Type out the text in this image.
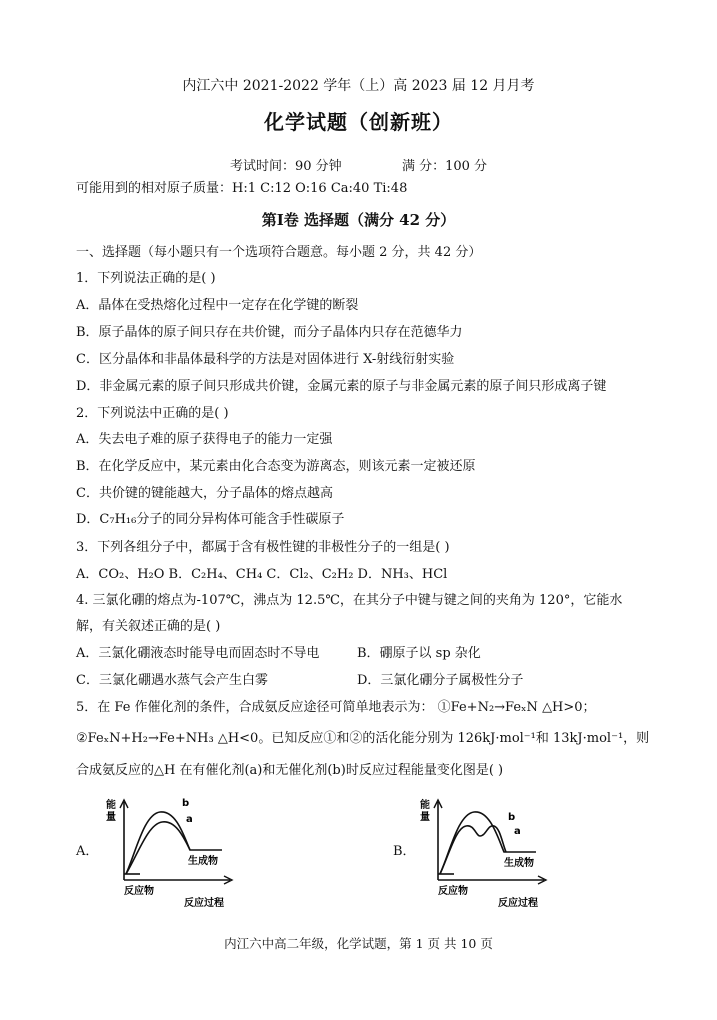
内江六中 2021-2022 学年（上）高 2023 届 12 月月考
化学试题（创新班）
考试时间：90 分钟	满 分：100 分
可能用到的相对原子质量：H:1 C:12 O:16 Ca:40 Ti:48
第Ⅰ卷 选择题（满分 42 分）
一、选择题（每小题只有一个选项符合题意。每小题 2 分，共 42 分）
1．下列说法正确的是( )
A．晶体在受热熔化过程中一定存在化学键的断裂
B．原子晶体的原子间只存在共价键，而分子晶体内只存在范德华力
C．区分晶体和非晶体最科学的方法是对固体进行 X-射线衍射实验
D．非金属元素的原子间只形成共价键，金属元素的原子与非金属元素的原子间只形成离子键
2．下列说法中正确的是( )
A．失去电子难的原子获得电子的能力一定强
B．在化学反应中，某元素由化合态变为游离态，则该元素一定被还原
C．共价键的键能越大，分子晶体的熔点越高
D．C₇H₁₆分子的同分异构体可能含手性碳原子
3．下列各组分子中，都属于含有极性键的非极性分子的一组是( )
A．CO₂、H₂O B．C₂H₄、CH₄ C．Cl₂、C₂H₂ D．NH₃、HCl
4. 三氯化硼的熔点为-107℃，沸点为 12.5℃，在其分子中键与键之间的夹角为 120°，它能水
解，有关叙述正确的是( )
A．三氯化硼液态时能导电而固态时不导电	B．硼原子以 sp 杂化
C．三氯化硼遇水蒸气会产生白雾	D．三氯化硼分子属极性分子
5．在 Fe 作催化剂的条件，合成氨反应途径可简单地表示为： ①Fe+N₂→FeₓN △H>0；
②FeₓN+H₂→Fe+NH₃ △H<0。已知反应①和②的活化能分别为 126kJ·mol⁻¹和 13kJ·mol⁻¹，则
合成氨反应的△H 在有催化剂(a)和无催化剂(b)时反应过程能量变化图是( )
A．
能
量
b
a
生成物
反应物
反应过程
B．
能
量	b
a
生成物
反应物
反应过程
内江六中高二年级，化学试题，第 1 页 共 10 页
